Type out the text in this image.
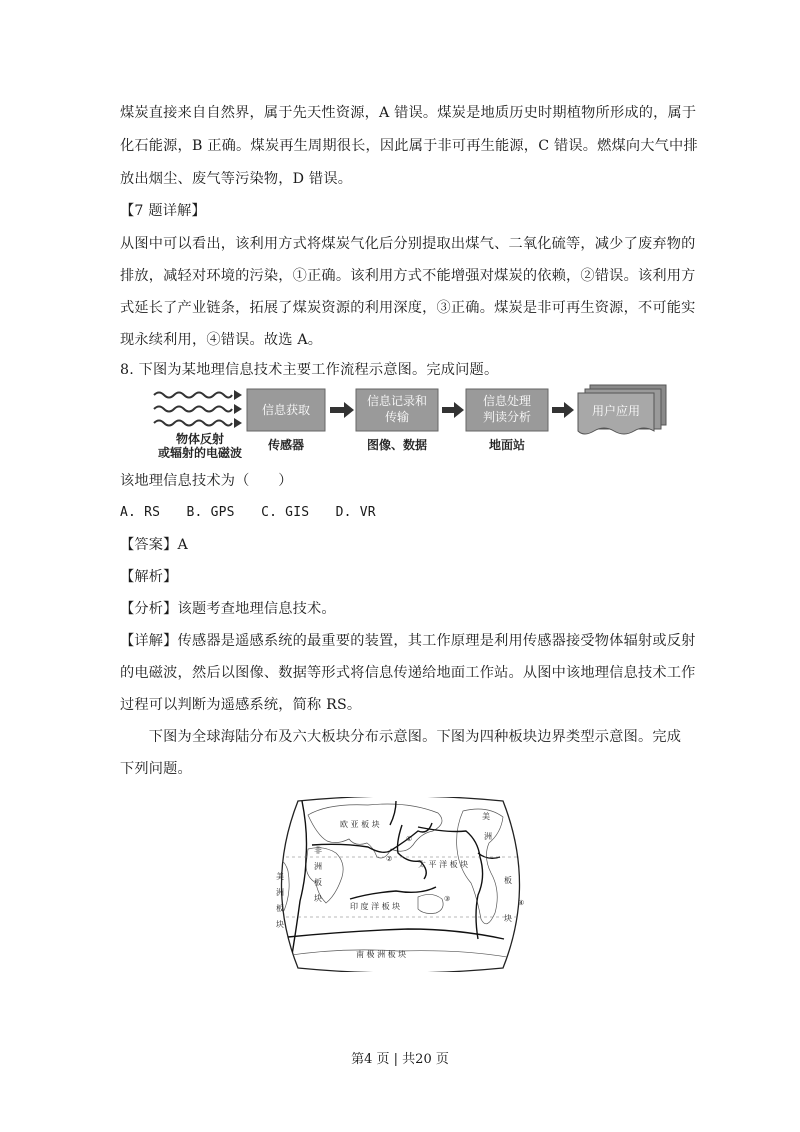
煤炭直接来自自然界，属于先天性资源，A 错误。煤炭是地质历史时期植物所形成的，属于
化石能源，B 正确。煤炭再生周期很长，因此属于非可再生能源，C 错误。燃煤向大气中排
放出烟尘、废气等污染物，D 错误。
【7 题详解】
从图中可以看出，该利用方式将煤炭气化后分别提取出煤气、二氧化硫等，减少了废弃物的
排放，减轻对环境的污染，①正确。该利用方式不能增强对煤炭的依赖，②错误。该利用方
式延长了产业链条，拓展了煤炭资源的利用深度，③正确。煤炭是非可再生资源，不可能实
现永续利用，④错误。故选 A。
8. 下图为某地理信息技术主要工作流程示意图。完成问题。
信息获取
信息记录和
传输
信息处理
判读分析	用户应用
物体反射
或辐射的电磁波
传感器	图像、数据	地面站
该地理信息技术为（　　）
A. RS　　B. GPS　　C. GIS　　D. VR
【答案】A
【解析】
【分析】该题考查地理信息技术。
【详解】传感器是遥感系统的最重要的装置，其工作原理是利用传感器接受物体辐射或反射
的电磁波，然后以图像、数据等形式将信息传递给地面工作站。从图中该地理信息技术工作
过程可以判断为遥感系统，简称 RS。
　　下图为全球海陆分布及六大板块分布示意图。下图为四种板块边界类型示意图。完成
下列问题。
欧 亚 板 块
太 平 洋 板 块
印 度 洋 板 块
南 极 洲 板 块
非
洲
板
块
美
洲
板
块
美
洲
板
块
①
②
③	④
第4 页 | 共20 页
